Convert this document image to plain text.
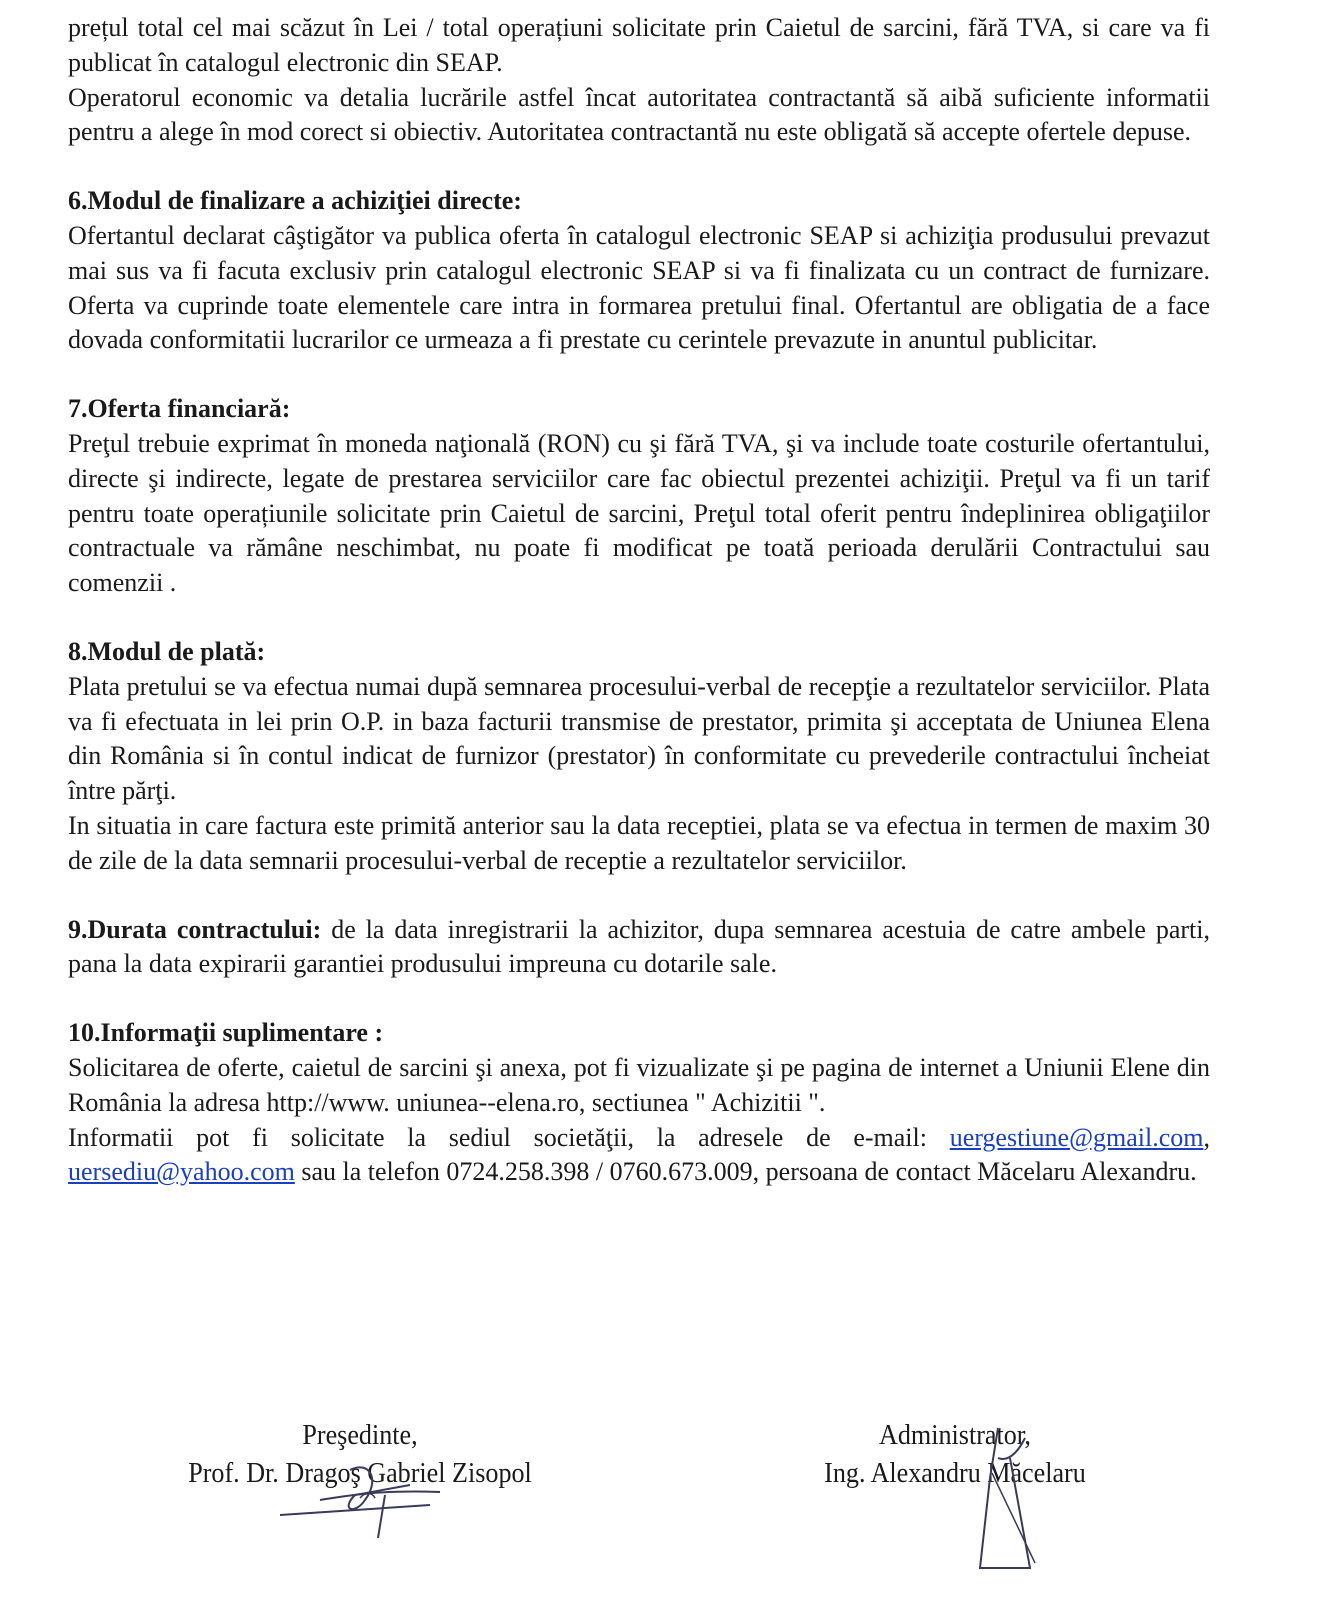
prețul total cel mai scăzut în Lei / total operațiuni solicitate prin Caietul de sarcini, fără TVA, si care va fi publicat în catalogul electronic din SEAP.

Operatorul economic va detalia lucrările astfel încat autoritatea contractantă să aibă suficiente informatii pentru a alege în mod corect si obiectiv. Autoritatea contractantă nu este obligată să accepte ofertele depuse.

6.Modul de finalizare a achiziţiei directe:

Ofertantul declarat câştigător va publica oferta în catalogul electronic SEAP si achiziţia produsului prevazut mai sus va fi facuta exclusiv prin catalogul electronic SEAP si va fi finalizata cu un contract de furnizare. Oferta va cuprinde toate elementele care intra in formarea pretului final. Ofertantul are obligatia de a face dovada conformitatii lucrarilor ce urmeaza a fi prestate cu cerintele prevazute in anuntul publicitar.

7.Oferta financiară:

Preţul trebuie exprimat în moneda naţională (RON) cu şi fără TVA, şi va include toate costurile ofertantului, directe şi indirecte, legate de prestarea serviciilor care fac obiectul prezentei achiziţii. Preţul va fi un tarif pentru toate operațiunile solicitate prin Caietul de sarcini, Preţul total oferit pentru îndeplinirea obligaţiilor contractuale va rămâne neschimbat, nu poate fi modificat pe toată perioada derulării Contractului sau comenzii .

8.Modul de plată:

Plata pretului se va efectua numai după semnarea procesului-verbal de recepţie a rezultatelor serviciilor. Plata va fi efectuata in lei prin O.P. in baza facturii transmise de prestator, primita şi acceptata de Uniunea Elena din România si în contul indicat de furnizor (prestator) în conformitate cu prevederile contractului încheiat între părţi.

In situatia in care factura este primită anterior sau la data receptiei, plata se va efectua in termen de maxim 30 de zile de la data semnarii procesului-verbal de receptie a rezultatelor serviciilor.

9.Durata contractului: de la data inregistrarii la achizitor, dupa semnarea acestuia de catre ambele parti, pana la data expirarii garantiei produsului impreuna cu dotarile sale.

10.Informaţii suplimentare :

Solicitarea de oferte, caietul de sarcini şi anexa, pot fi vizualizate şi pe pagina de internet a Uniunii Elene din România la adresa http://www. uniunea--elena.ro, sectiunea " Achizitii ".

Informatii pot fi solicitate la sediul societăţii, la adresele de e-mail: uergestiune@gmail.com, uersediu@yahoo.com sau la telefon 0724.258.398 / 0760.673.009, persoana de contact Măcelaru Alexandru.

Preşedinte,
Prof. Dr. Dragoş Gabriel Zisopol
Administrator,
Ing. Alexandru Măcelaru
